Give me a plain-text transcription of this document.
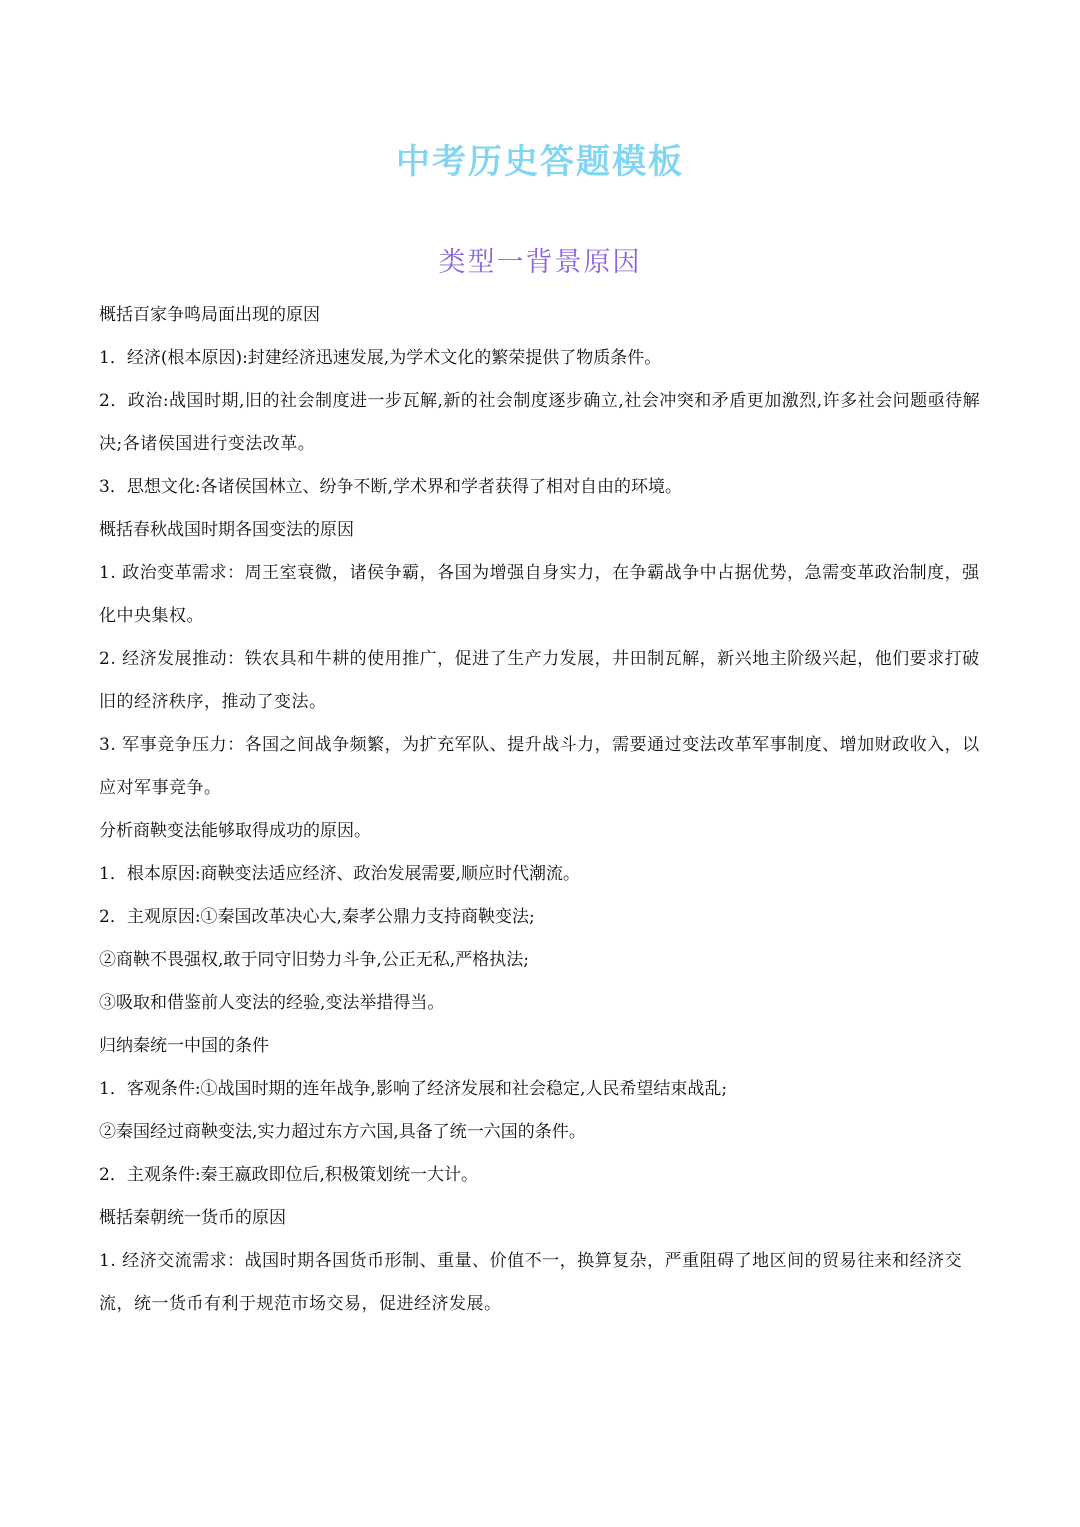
中考历史答题模板
类型一背景原因
概括百家争鸣局面出现的原因
1．经济(根本原因):封建经济迅速发展,为学术文化的繁荣提供了物质条件。
2．政治:战国时期,旧的社会制度进一步瓦解,新的社会制度逐步确立,社会冲突和矛盾更加激烈,许多社会问题亟待解决;各诸侯国进行变法改革。
3．思想文化:各诸侯国林立、纷争不断,学术界和学者获得了相对自由的环境。
概括春秋战国时期各国变法的原因
1. 政治变革需求：周王室衰微，诸侯争霸，各国为增强自身实力，在争霸战争中占据优势，急需变革政治制度，强化中央集权。
2. 经济发展推动：铁农具和牛耕的使用推广，促进了生产力发展，井田制瓦解，新兴地主阶级兴起，他们要求打破旧的经济秩序，推动了变法。
3. 军事竞争压力：各国之间战争频繁，为扩充军队、提升战斗力，需要通过变法改革军事制度、增加财政收入，以应对军事竞争。
分析商鞅变法能够取得成功的原因。
1．根本原因:商鞅变法适应经济、政治发展需要,顺应时代潮流。
2．主观原因:①秦国改革决心大,秦孝公鼎力支持商鞅变法;
②商鞅不畏强权,敢于同守旧势力斗争,公正无私,严格执法;
③吸取和借鉴前人变法的经验,变法举措得当。
归纳秦统一中国的条件
1．客观条件:①战国时期的连年战争,影响了经济发展和社会稳定,人民希望结束战乱;
②秦国经过商鞅变法,实力超过东方六国,具备了统一六国的条件。
2．主观条件:秦王嬴政即位后,积极策划统一大计。
概括秦朝统一货币的原因
1. 经济交流需求：战国时期各国货币形制、重量、价值不一，换算复杂，严重阻碍了地区间的贸易往来和经济交流，统一货币有利于规范市场交易，促进经济发展。
